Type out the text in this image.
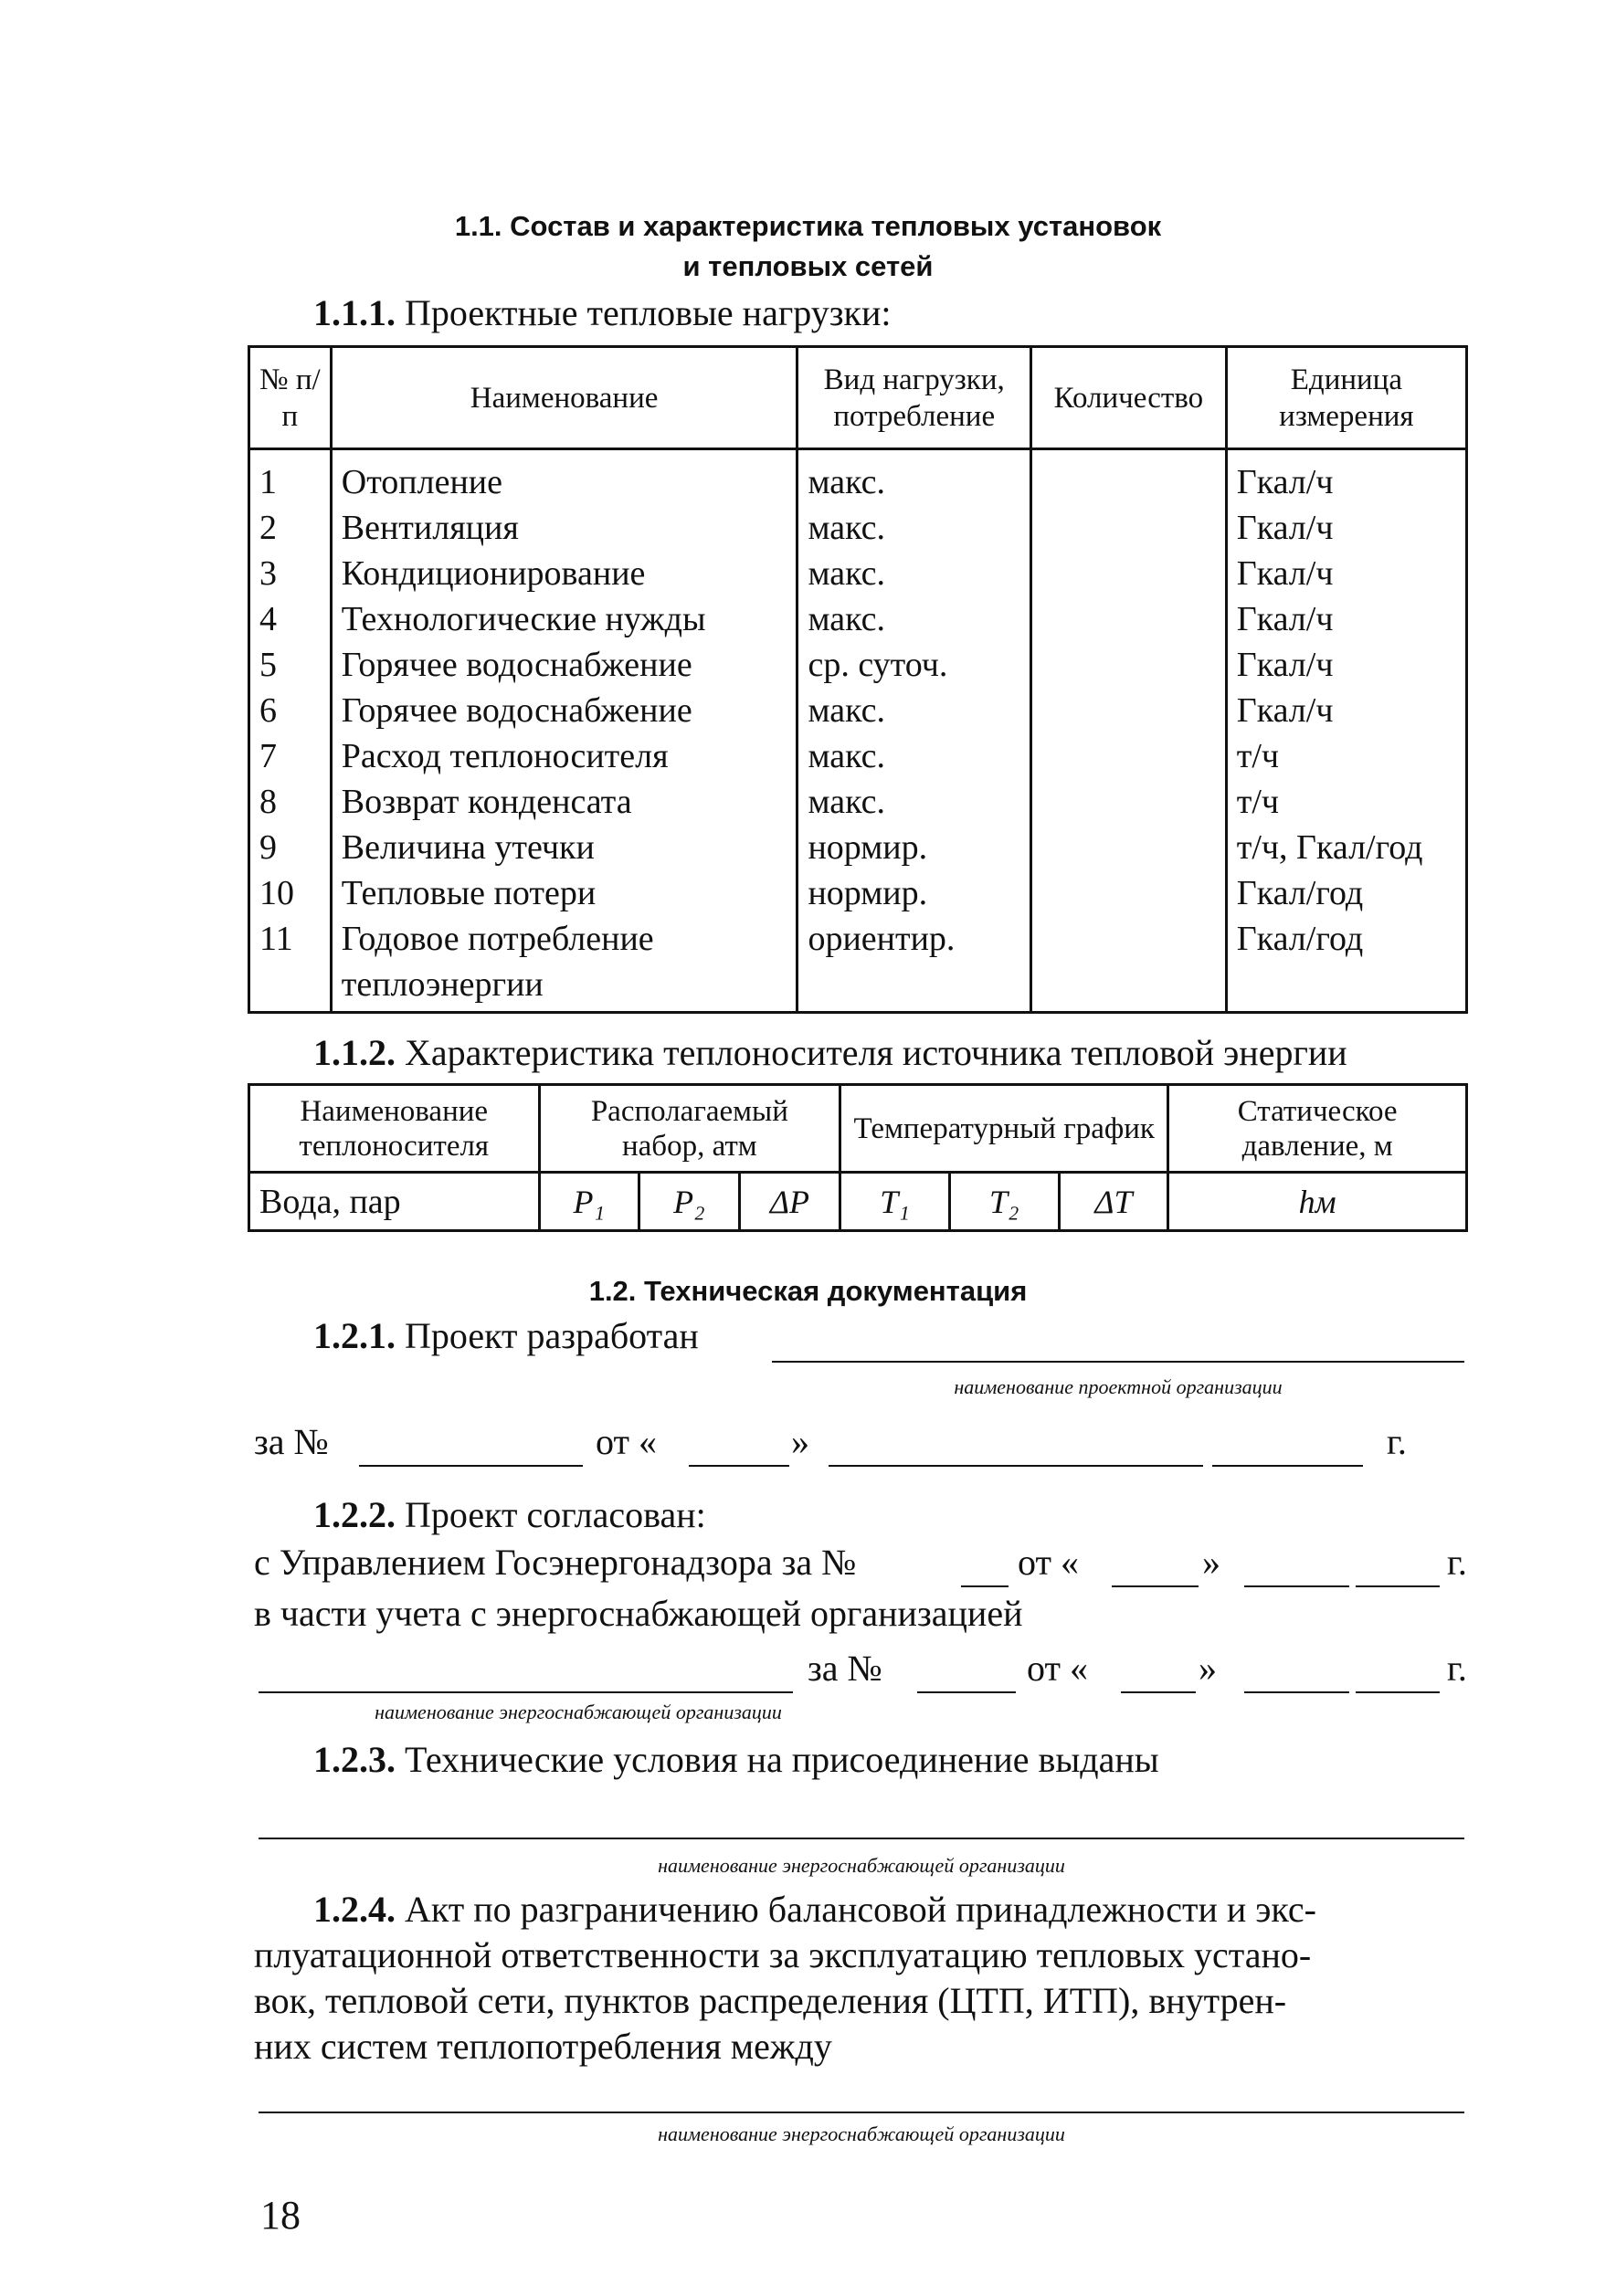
1.1. Состав и характеристика тепловых установок
и тепловых сетей
1.1.1. Проектные тепловые нагрузки:
№ п/п	Наименование	Вид нагрузки, потребление	Количество	Единица измерения
1	Отопление	макс.		Гкал/ч
2	Вентиляция	макс.		Гкал/ч
3	Кондиционирование	макс.		Гкал/ч
4	Технологические нужды	макс.		Гкал/ч
5	Горячее водоснабжение	ср. суточ.		Гкал/ч
6	Горячее водоснабжение	макс.		Гкал/ч
7	Расход теплоносителя	макс.		т/ч
8	Возврат конденсата	макс.		т/ч
9	Величина утечки	нормир.		т/ч, Гкал/год
10	Тепловые потери	нормир.		Гкал/год
11	Годовое потребление теплоэнергии	ориентир.		Гкал/год
1.1.2. Характеристика теплоносителя источника тепловой энергии
Наименование теплоносителя	Располагаемый набор, атм			Температурный график			Статическое давление, м
Вода, пар	P₁	P₂	ΔP	T₁	T₂	ΔT	hм
1.2. Техническая документация
1.2.1. Проект разработан
наименование проектной организации
за №	от «	»	г.
1.2.2. Проект согласован:
с Управлением Госэнергонадзора за №	от «	»	г.
в части учета с энергоснабжающей организацией
за №	от «	»	г.
наименование энергоснабжающей организации
1.2.3. Технические условия на присоединение выданы
наименование энергоснабжающей организации
1.2.4. Акт по разграничению балансовой принадлежности и экс-
плуатационной ответственности за эксплуатацию тепловых устано-
вок, тепловой сети, пунктов распределения (ЦТП, ИТП), внутрен-
них систем теплопотребления между
наименование энергоснабжающей организации
18
